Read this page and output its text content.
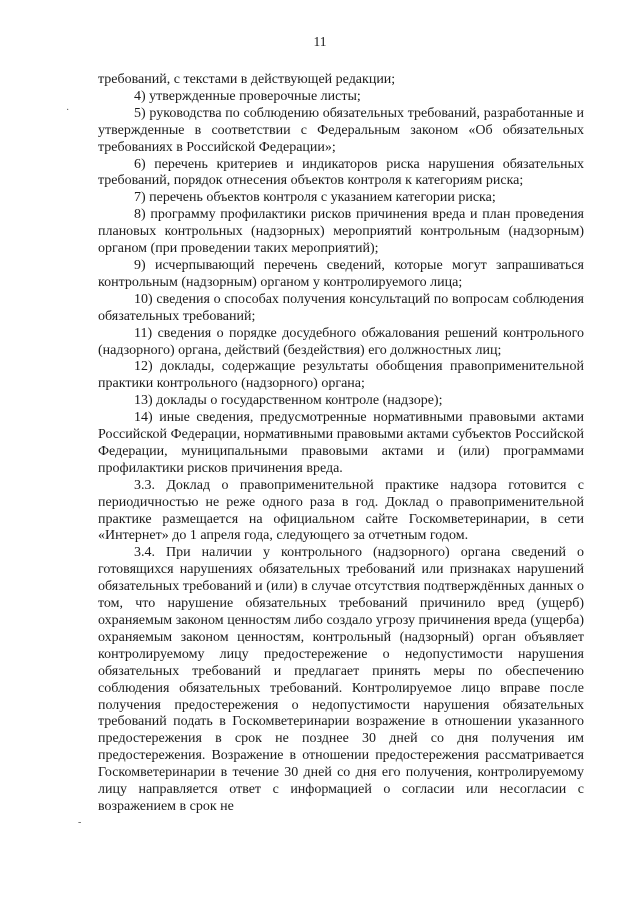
11

требований, с текстами в действующей редакции;

4) утвержденные проверочные листы;

5) руководства по соблюдению обязательных требований, разработанные и утвержденные в соответствии с Федеральным законом «Об обязательных требованиях в Российской Федерации»;

6) перечень критериев и индикаторов риска нарушения обязательных требований, порядок отнесения объектов контроля к категориям риска;

7) перечень объектов контроля с указанием категории риска;

8) программу профилактики рисков причинения вреда и план проведения плановых контрольных (надзорных) мероприятий контрольным (надзорным) органом (при проведении таких мероприятий);

9) исчерпывающий перечень сведений, которые могут запрашиваться контрольным (надзорным) органом у контролируемого лица;

10) сведения о способах получения консультаций по вопросам соблюдения обязательных требований;

11) сведения о порядке досудебного обжалования решений контрольного (надзорного) органа, действий (бездействия) его должностных лиц;

12) доклады, содержащие результаты обобщения правоприменительной практики контрольного (надзорного) органа;

13) доклады о государственном контроле (надзоре);

14) иные сведения, предусмотренные нормативными правовыми актами Российской Федерации, нормативными правовыми актами субъектов Российской Федерации, муниципальными правовыми актами и (или) программами профилактики рисков причинения вреда.

3.3. Доклад о правоприменительной практике надзора готовится с периодичностью не реже одного раза в год. Доклад о правоприменительной практике размещается на официальном сайте Госкомветеринарии, в сети «Интернет» до 1 апреля года, следующего за отчетным годом.

3.4. При наличии у контрольного (надзорного) органа сведений о готовящихся нарушениях обязательных требований или признаках нарушений обязательных требований и (или) в случае отсутствия подтверждённых данных о том, что нарушение обязательных требований причинило вред (ущерб) охраняемым законом ценностям либо создало угрозу причинения вреда (ущерба) охраняемым законом ценностям, контрольный (надзорный) орган объявляет контролируемому лицу предостережение о недопустимости нарушения обязательных требований и предлагает принять меры по обеспечению соблюдения обязательных требований. Контролируемое лицо вправе после получения предостережения о недопустимости нарушения обязательных требований подать в Госкомветеринарии возражение в отношении указанного предостережения в срок не позднее 30 дней со дня получения им предостережения. Возражение в отношении предостережения рассматривается Госкомветеринарии в течение 30 дней со дня его получения, контролируемому лицу направляется ответ с информацией о согласии или несогласии с возражением в срок не

·
-
